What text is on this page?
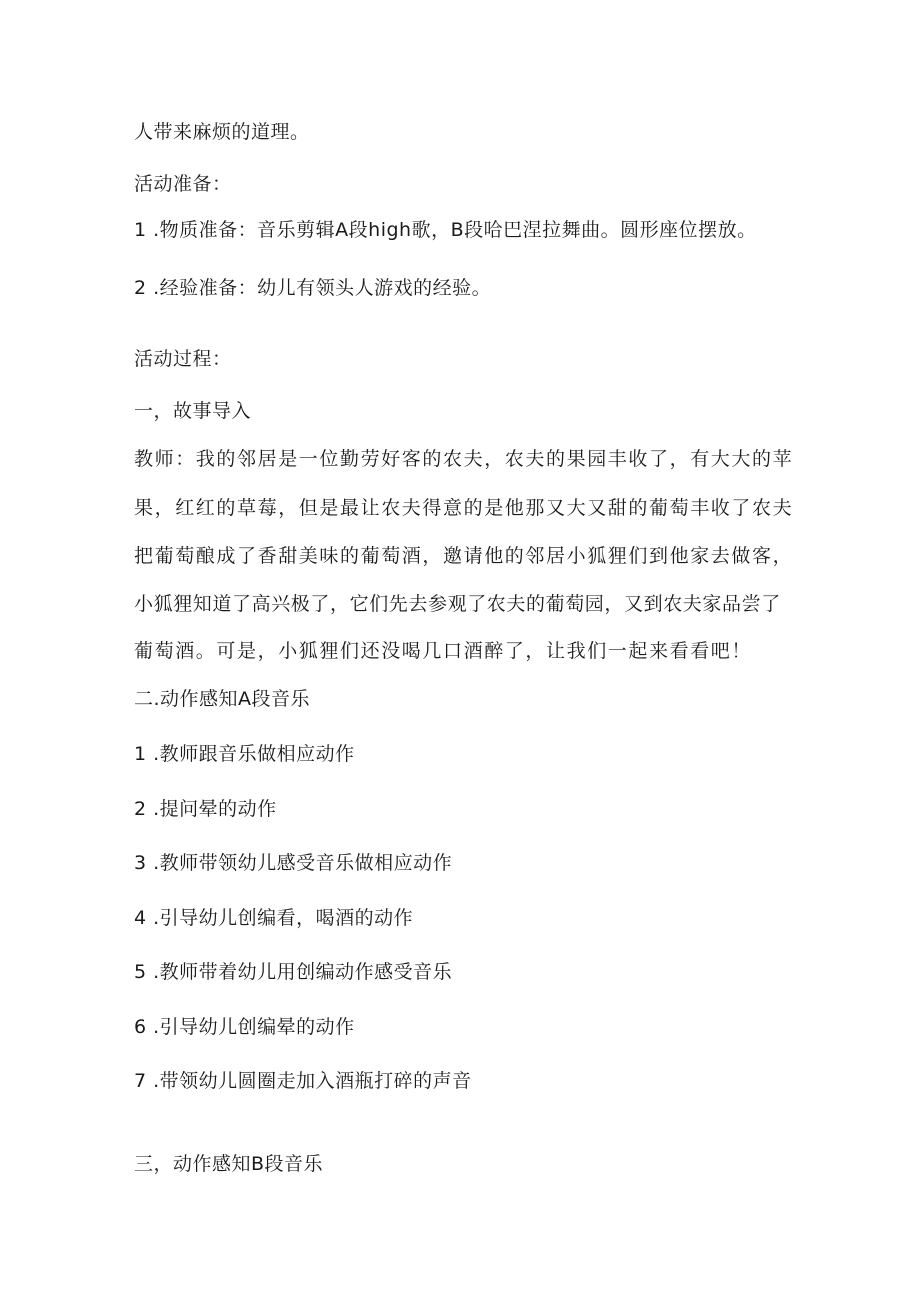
人带来麻烦的道理。
活动准备：
1 .物质准备：音乐剪辑A段high歌，B段哈巴涅拉舞曲。圆形座位摆放。
2 .经验准备：幼儿有领头人游戏的经验。
活动过程：
一，故事导入
教师：我的邻居是一位勤劳好客的农夫，农夫的果园丰收了，有大大的苹
果，红红的草莓，但是最让农夫得意的是他那又大又甜的葡萄丰收了农夫
把葡萄酿成了香甜美味的葡萄酒，邀请他的邻居小狐狸们到他家去做客，
小狐狸知道了高兴极了，它们先去参观了农夫的葡萄园，又到农夫家品尝了
葡萄酒。可是，小狐狸们还没喝几口酒醉了，让我们一起来看看吧！
二.动作感知A段音乐
1 .教师跟音乐做相应动作
2 .提问晕的动作
3 .教师带领幼儿感受音乐做相应动作
4 .引导幼儿创编看，喝酒的动作
5 .教师带着幼儿用创编动作感受音乐
6 .引导幼儿创编晕的动作
7 .带领幼儿圆圈走加入酒瓶打碎的声音
三，动作感知B段音乐
